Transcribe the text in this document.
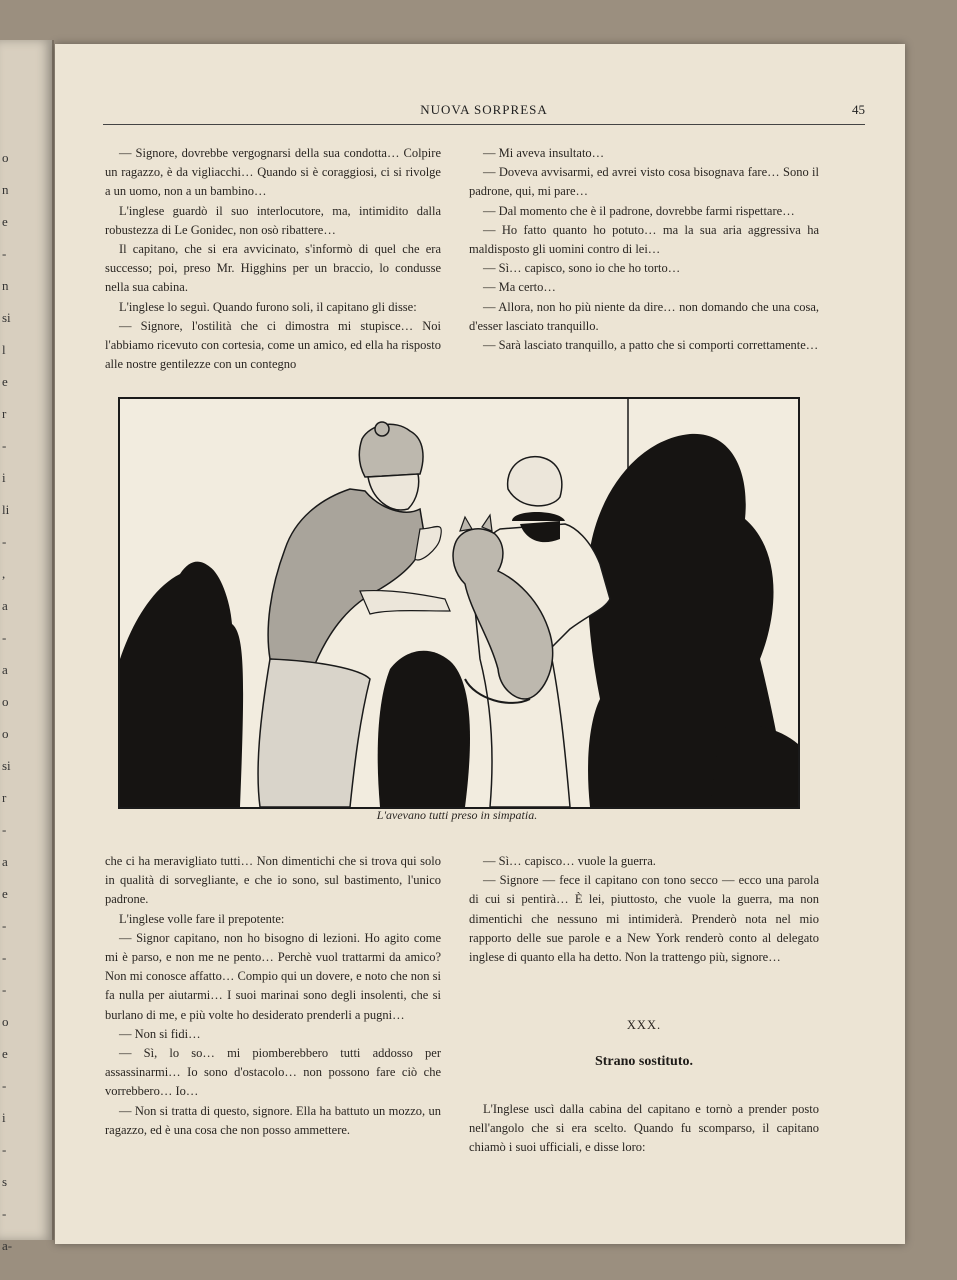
o
n
e
-
n
si
l
e
r
-
i
li
-
,
a
-
a
o
o
si
r
-
a
e
-
-
-
o
e
-
i
-
s
-
a-
NUOVA SORPRESA	45

— Signore, dovrebbe vergognarsi della sua condotta… Colpire un ragazzo, è da vigliacchi… Quando si è coraggiosi, ci si rivolge a un uomo, non a un bambino…

L'inglese guardò il suo interlocutore, ma, intimidito dalla robustezza di Le Gonidec, non osò ribattere…

Il capitano, che si era avvicinato, s'informò di quel che era successo; poi, preso Mr. Higghins per un braccio, lo condusse nella sua cabina.

L'inglese lo seguì. Quando furono soli, il capitano gli disse:

— Signore, l'ostilità che ci dimostra mi stupisce… Noi l'abbiamo ricevuto con cortesia, come un amico, ed ella ha risposto alle nostre gentilezze con un contegno

— Mi aveva insultato…

— Doveva avvisarmi, ed avrei visto cosa bisognava fare… Sono il padrone, qui, mi pare…

— Dal momento che è il padrone, dovrebbe farmi rispettare…

— Ho fatto quanto ho potuto… ma la sua aria aggressiva ha maldisposto gli uomini contro di lei…

— Sì… capisco, sono io che ho torto…

— Ma certo…

— Allora, non ho più niente da dire… non domando che una cosa, d'esser lasciato tranquillo.

— Sarà lasciato tranquillo, a patto che si comporti correttamente…

L'avevano tutti preso in simpatia.

che ci ha meravigliato tutti… Non dimentichi che si trova qui solo in qualità di sorvegliante, e che io sono, sul bastimento, l'unico padrone.

L'inglese volle fare il prepotente:

— Signor capitano, non ho bisogno di lezioni. Ho agito come mi è parso, e non me ne pento… Perchè vuol trattarmi da amico? Non mi conosce affatto… Compio qui un dovere, e noto che non si fa nulla per aiutarmi… I suoi marinai sono degli insolenti, che si burlano di me, e più volte ho desiderato prenderli a pugni…

— Non si fidi…

— Sì, lo so… mi piomberebbero tutti addosso per assassinarmi… Io sono d'ostacolo… non possono fare ciò che vorrebbero… Io…

— Non si tratta di questo, signore. Ella ha battuto un mozzo, un ragazzo, ed è una cosa che non posso ammettere.

— Sì… capisco… vuole la guerra.

— Signore — fece il capitano con tono secco — ecco una parola di cui si pentirà… È lei, piuttosto, che vuole la guerra, ma non dimentichi che nessuno mi intimiderà. Prenderò nota nel mio rapporto delle sue parole e a New York renderò conto al delegato inglese di quanto ella ha detto. Non la trattengo più, signore…

XXX.
Strano sostituto.

L'Inglese uscì dalla cabina del capitano e tornò a prender posto nell'angolo che si era scelto. Quando fu scomparso, il capitano chiamò i suoi ufficiali, e disse loro:
